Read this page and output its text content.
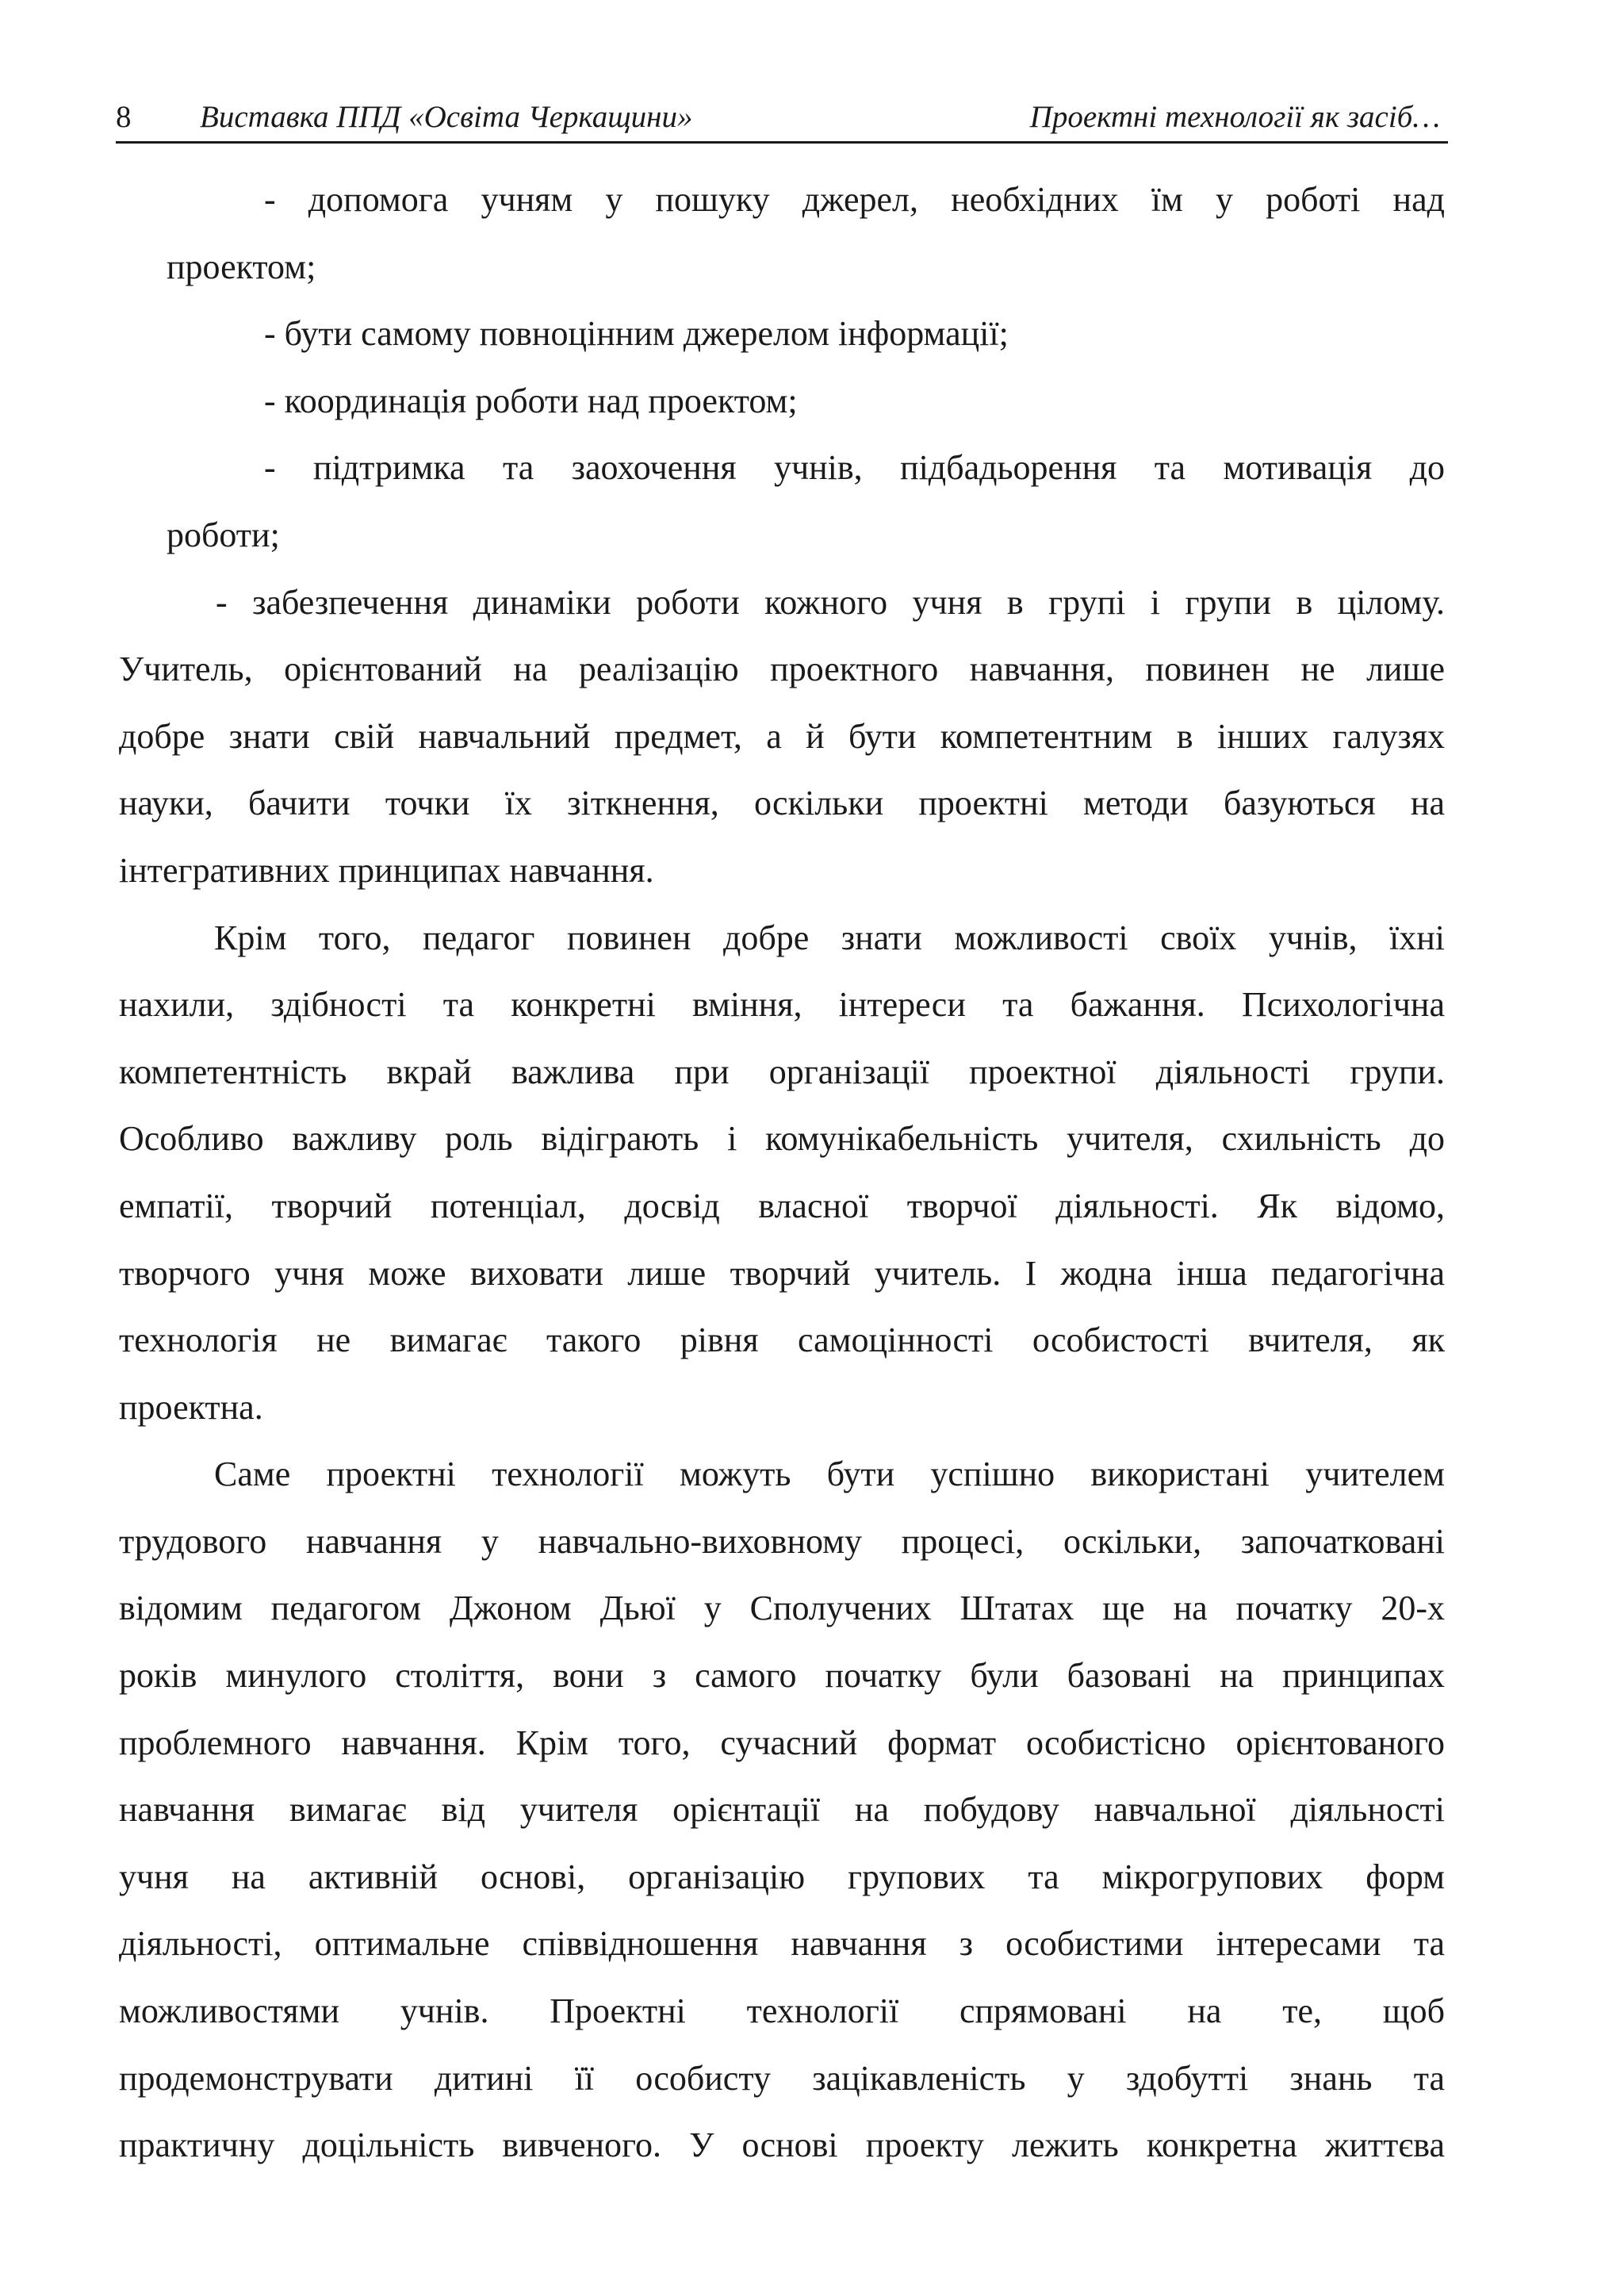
8 Виставка ППД «Освіта Черкащини»	Проектні технології як засіб…
- допомога учням у пошуку джерел, необхідних їм у роботі над
проектом;
- бути самому повноцінним джерелом інформації;
- координація роботи над проектом;
- підтримка та заохочення учнів, підбадьорення та мотивація до
роботи;
- забезпечення динаміки роботи кожного учня в групі і групи в цілому.
Учитель, орієнтований на реалізацію проектного навчання, повинен не лише
добре знати свій навчальний предмет, а й бути компетентним в інших галузях
науки, бачити точки їх зіткнення, оскільки проектні методи базуються на
інтегративних принципах навчання.
Крім того, педагог повинен добре знати можливості своїх учнів, їхні
нахили, здібності та конкретні вміння, інтереси та бажання. Психологічна
компетентність вкрай важлива при організації проектної діяльності групи.
Особливо важливу роль відіграють і комунікабельність учителя, схильність до
емпатії, творчий потенціал, досвід власної творчої діяльності. Як відомо,
творчого учня може виховати лише творчий учитель. І жодна інша педагогічна
технологія не вимагає такого рівня самоцінності особистості вчителя, як
проектна.
Саме проектні технології можуть бути успішно використані учителем
трудового навчання у навчально-виховному процесі, оскільки, започатковані
відомим педагогом Джоном Дьюї у Сполучених Штатах ще на початку 20-х
років минулого століття, вони з самого початку були базовані на принципах
проблемного навчання. Крім того, сучасний формат особистісно орієнтованого
навчання вимагає від учителя орієнтації на побудову навчальної діяльності
учня на активній основі, організацію групових та мікрогрупових форм
діяльності, оптимальне співвідношення навчання з особистими інтересами та
можливостями учнів. Проектні технології спрямовані на те, щоб
продемонструвати дитині її особисту зацікавленість у здобутті знань та
практичну доцільність вивченого. У основі проекту лежить конкретна життєва
